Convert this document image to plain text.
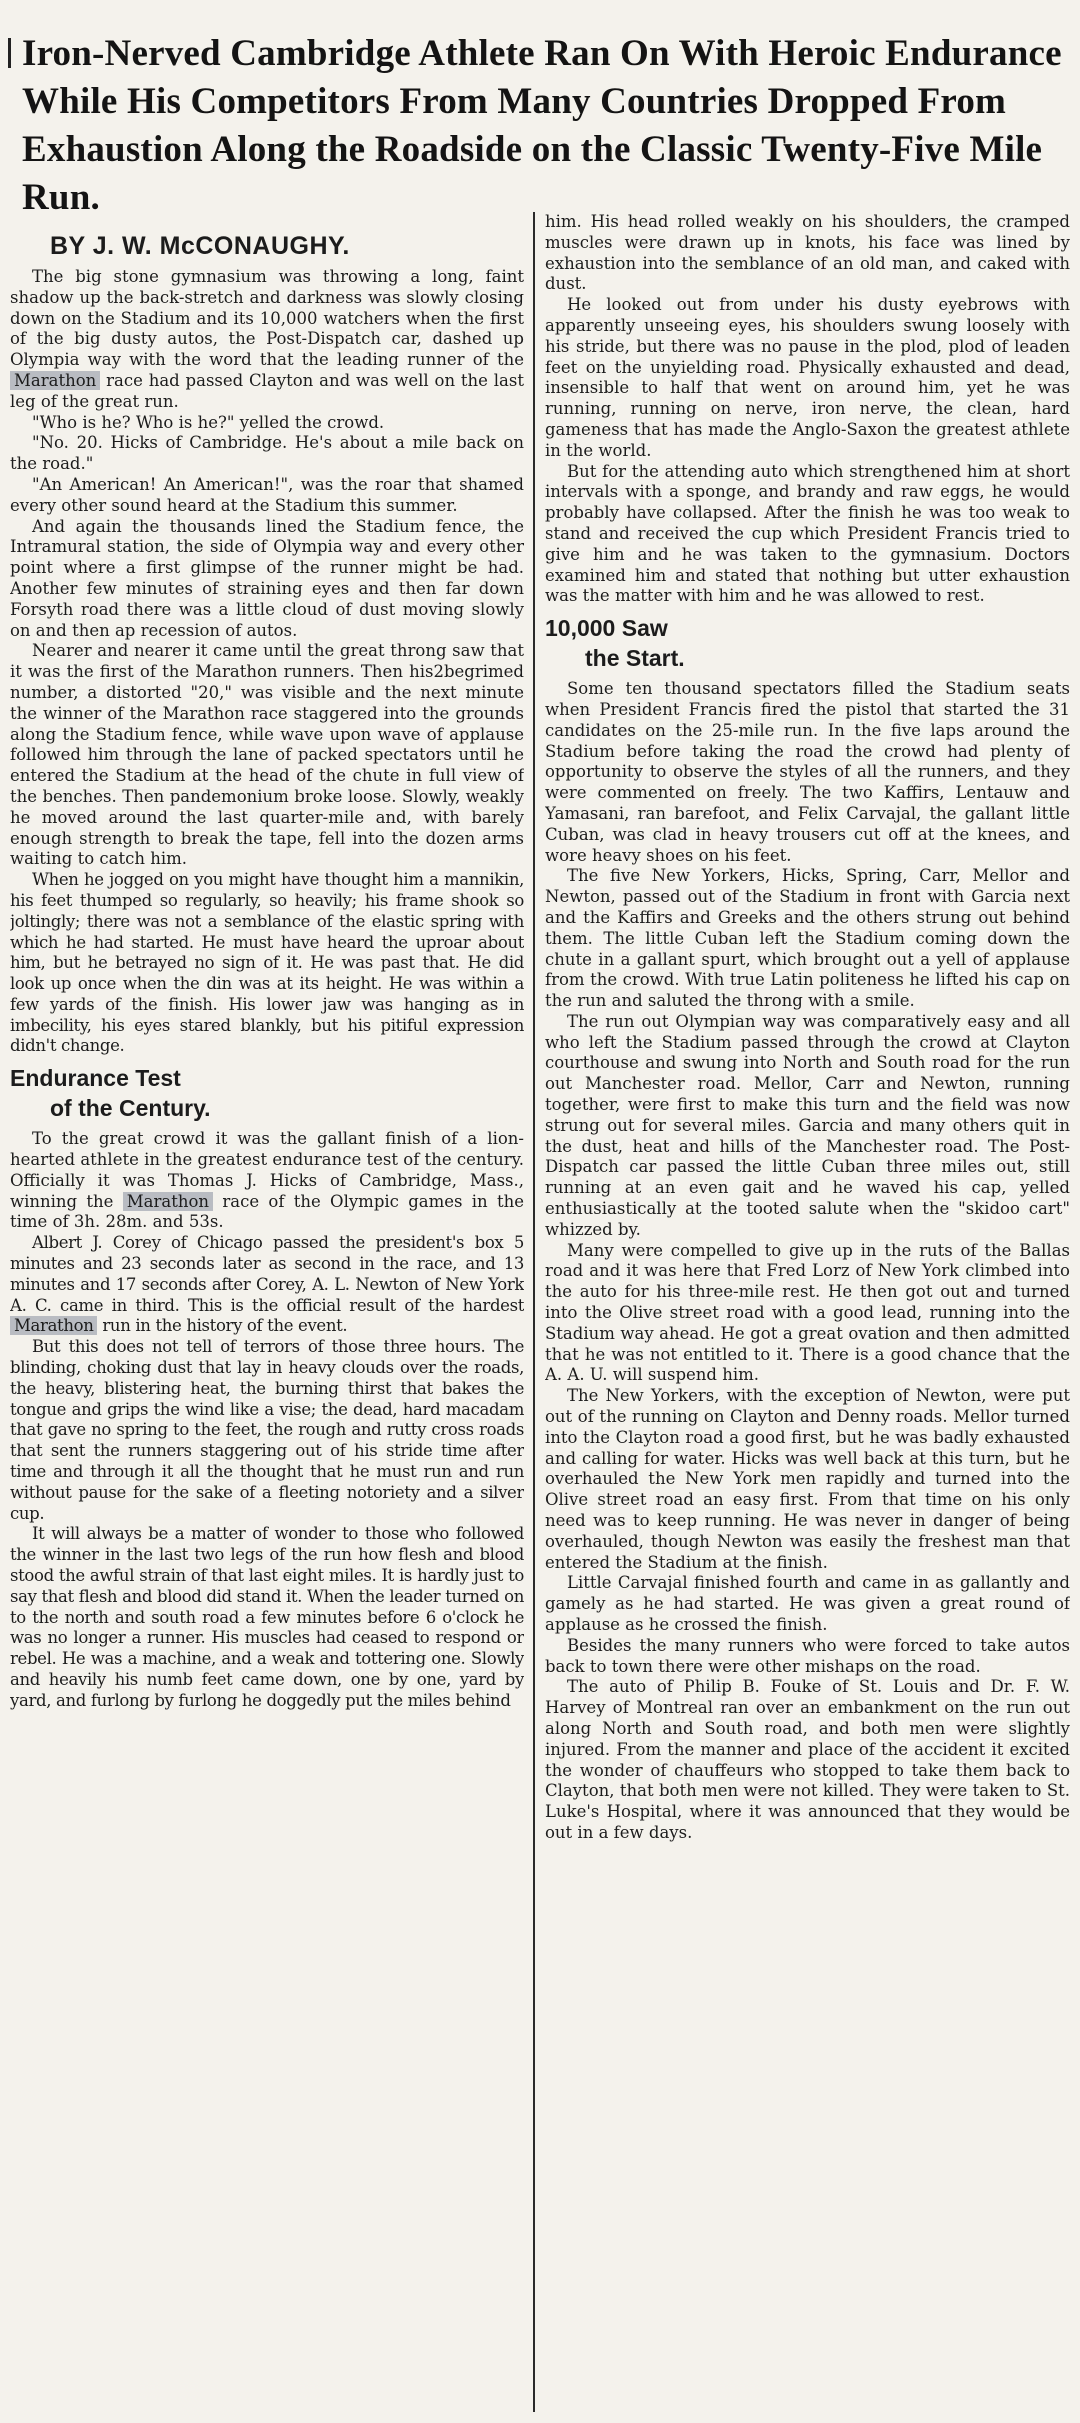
Iron-Nerved Cambridge Athlete Ran On With Heroic Endurance While His Competitors From Many Countries Dropped From Exhaustion Along the Roadside on the Classic Twenty-Five Mile Run.
BY J. W. McCONAUGHY.

The big stone gymnasium was throwing a long, faint shadow up the back-stretch and darkness was slowly closing down on the Stadium and its 10,000 watchers when the first of the big dusty autos, the Post-Dispatch car, dashed up Olympia way with the word that the leading runner of the Marathon race had passed Clayton and was well on the last leg of the great run.

"Who is he? Who is he?" yelled the crowd.

"No. 20. Hicks of Cambridge. He's about a mile back on the road."

"An American! An American!", was the roar that shamed every other sound heard at the Stadium this summer.

And again the thousands lined the Stadium fence, the Intramural station, the side of Olympia way and every other point where a first glimpse of the runner might be had. Another few minutes of straining eyes and then far down Forsyth road there was a little cloud of dust moving slowly on and then ap recession of autos.

Nearer and nearer it came until the great throng saw that it was the first of the Marathon runners. Then his2begrimed number, a distorted "20," was visible and the next minute the winner of the Marathon race staggered into the grounds along the Stadium fence, while wave upon wave of applause followed him through the lane of packed spectators until he entered the Stadium at the head of the chute in full view of the benches. Then pandemonium broke loose. Slowly, weakly he moved around the last quarter-mile and, with barely enough strength to break the tape, fell into the dozen arms waiting to catch him.

When he jogged on you might have thought him a mannikin, his feet thumped so regularly, so heavily; his frame shook so joltingly; there was not a semblance of the elastic spring with which he had started. He must have heard the uproar about him, but he betrayed no sign of it. He was past that. He did look up once when the din was at its height. He was within a few yards of the finish. His lower jaw was hanging as in imbecility, his eyes stared blankly, but his pitiful expression didn't change.

Endurance Test
of the Century.

To the great crowd it was the gallant finish of a lion-hearted athlete in the greatest endurance test of the century. Officially it was Thomas J. Hicks of Cambridge, Mass., winning the Marathon race of the Olympic games in the time of 3h. 28m. and 53s.

Albert J. Corey of Chicago passed the president's box 5 minutes and 23 seconds later as second in the race, and 13 minutes and 17 seconds after Corey, A. L. Newton of New York A. C. came in third. This is the official result of the hardest Marathon run in the history of the event.

But this does not tell of terrors of those three hours. The blinding, choking dust that lay in heavy clouds over the roads, the heavy, blistering heat, the burning thirst that bakes the tongue and grips the wind like a vise; the dead, hard macadam that gave no spring to the feet, the rough and rutty cross roads that sent the runners staggering out of his stride time after time and through it all the thought that he must run and run without pause for the sake of a fleeting notoriety and a silver cup.

It will always be a matter of wonder to those who followed the winner in the last two legs of the run how flesh and blood stood the awful strain of that last eight miles. It is hardly just to say that flesh and blood did stand it. When the leader turned on to the north and south road a few minutes before 6 o'clock he was no longer a runner. His muscles had ceased to respond or rebel. He was a machine, and a weak and tottering one. Slowly and heavily his numb feet came down, one by one, yard by yard, and furlong by furlong he doggedly put the miles behind

him. His head rolled weakly on his shoulders, the cramped muscles were drawn up in knots, his face was lined by exhaustion into the semblance of an old man, and caked with dust.

He looked out from under his dusty eyebrows with apparently unseeing eyes, his shoulders swung loosely with his stride, but there was no pause in the plod, plod of leaden feet on the unyielding road. Physically exhausted and dead, insensible to half that went on around him, yet he was running, running on nerve, iron nerve, the clean, hard gameness that has made the Anglo-Saxon the greatest athlete in the world.

But for the attending auto which strengthened him at short intervals with a sponge, and brandy and raw eggs, he would probably have collapsed. After the finish he was too weak to stand and received the cup which President Francis tried to give him and he was taken to the gymnasium. Doctors examined him and stated that nothing but utter exhaustion was the matter with him and he was allowed to rest.

10,000 Saw
the Start.

Some ten thousand spectators filled the Stadium seats when President Francis fired the pistol that started the 31 candidates on the 25-mile run. In the five laps around the Stadium before taking the road the crowd had plenty of opportunity to observe the styles of all the runners, and they were commented on freely. The two Kaffirs, Lentauw and Yamasani, ran barefoot, and Felix Carvajal, the gallant little Cuban, was clad in heavy trousers cut off at the knees, and wore heavy shoes on his feet.

The five New Yorkers, Hicks, Spring, Carr, Mellor and Newton, passed out of the Stadium in front with Garcia next and the Kaffirs and Greeks and the others strung out behind them. The little Cuban left the Stadium coming down the chute in a gallant spurt, which brought out a yell of applause from the crowd. With true Latin politeness he lifted his cap on the run and saluted the throng with a smile.

The run out Olympian way was comparatively easy and all who left the Stadium passed through the crowd at Clayton courthouse and swung into North and South road for the run out Manchester road. Mellor, Carr and Newton, running together, were first to make this turn and the field was now strung out for several miles. Garcia and many others quit in the dust, heat and hills of the Manchester road. The Post-Dispatch car passed the little Cuban three miles out, still running at an even gait and he waved his cap, yelled enthusiastically at the tooted salute when the "skidoo cart" whizzed by.

Many were compelled to give up in the ruts of the Ballas road and it was here that Fred Lorz of New York climbed into the auto for his three-mile rest. He then got out and turned into the Olive street road with a good lead, running into the Stadium way ahead. He got a great ovation and then admitted that he was not entitled to it. There is a good chance that the A. A. U. will suspend him.

The New Yorkers, with the exception of Newton, were put out of the running on Clayton and Denny roads. Mellor turned into the Clayton road a good first, but he was badly exhausted and calling for water. Hicks was well back at this turn, but he overhauled the New York men rapidly and turned into the Olive street road an easy first. From that time on his only need was to keep running. He was never in danger of being overhauled, though Newton was easily the freshest man that entered the Stadium at the finish.

Little Carvajal finished fourth and came in as gallantly and gamely as he had started. He was given a great round of applause as he crossed the finish.

Besides the many runners who were forced to take autos back to town there were other mishaps on the road.

The auto of Philip B. Fouke of St. Louis and Dr. F. W. Harvey of Montreal ran over an embankment on the run out along North and South road, and both men were slightly injured. From the manner and place of the accident it excited the wonder of chauffeurs who stopped to take them back to Clayton, that both men were not killed. They were taken to St. Luke's Hospital, where it was announced that they would be out in a few days.
